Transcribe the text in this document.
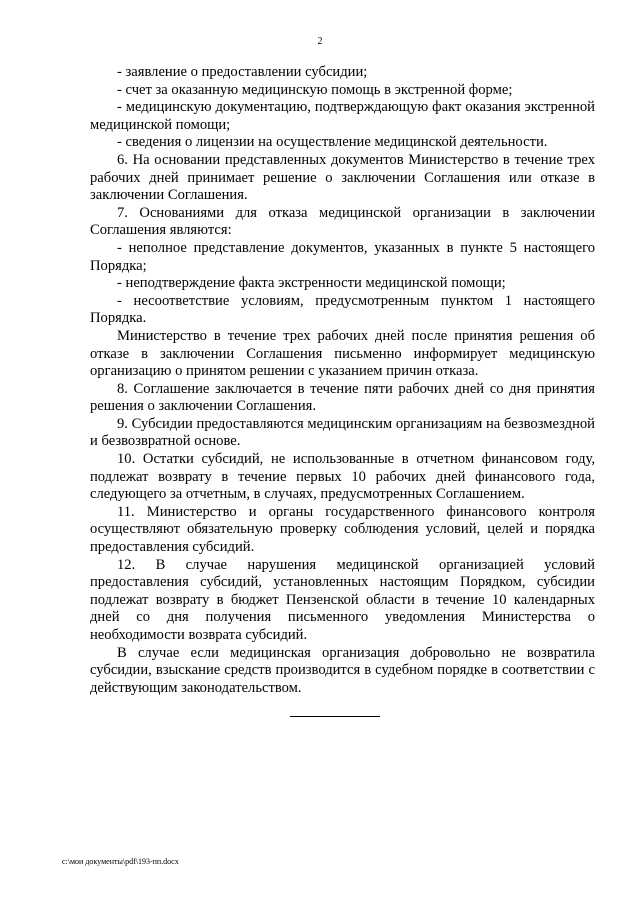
2

- заявление о предоставлении субсидии;

- счет за оказанную медицинскую помощь в экстренной форме;

- медицинскую документацию, подтверждающую факт оказания экстренной медицинской помощи;

- сведения о лицензии на осуществление медицинской деятельности.

6. На основании представленных документов Министерство в течение трех рабочих дней принимает решение о заключении Соглашения или отказе в заключении Соглашения.

7. Основаниями для отказа медицинской организации в заключении Соглашения являются:

- неполное представление документов, указанных в пункте 5 настоящего Порядка;

- неподтверждение факта экстренности медицинской помощи;

- несоответствие условиям, предусмотренным пунктом 1 настоящего Порядка.

Министерство в течение трех рабочих дней после принятия решения об отказе в заключении Соглашения письменно информирует медицинскую организацию о принятом решении с указанием причин отказа.

8. Соглашение заключается в течение пяти рабочих дней со дня принятия решения о заключении Соглашения.

9. Субсидии предоставляются медицинским организациям на безвозмездной и безвозвратной основе.

10. Остатки субсидий, не использованные в отчетном финансовом году, подлежат возврату в течение первых 10 рабочих дней финансового года, следующего за отчетным, в случаях, предусмотренных Соглашением.

11. Министерство и органы государственного финансового контроля осуществляют обязательную проверку соблюдения условий, целей и порядка предоставления субсидий.

12. В случае нарушения медицинской организацией условий предоставления субсидий, установленных настоящим Порядком, субсидии подлежат возврату в бюджет Пензенской области в течение 10 календарных дней со дня получения письменного уведомления Министерства о необходимости возврата субсидий.

В случае если медицинская организация добровольно не возвратила субсидии, взыскание средств производится в судебном порядке в соответствии с действующим законодательством.

c:\мои документы\pdf\193-пп.docx
